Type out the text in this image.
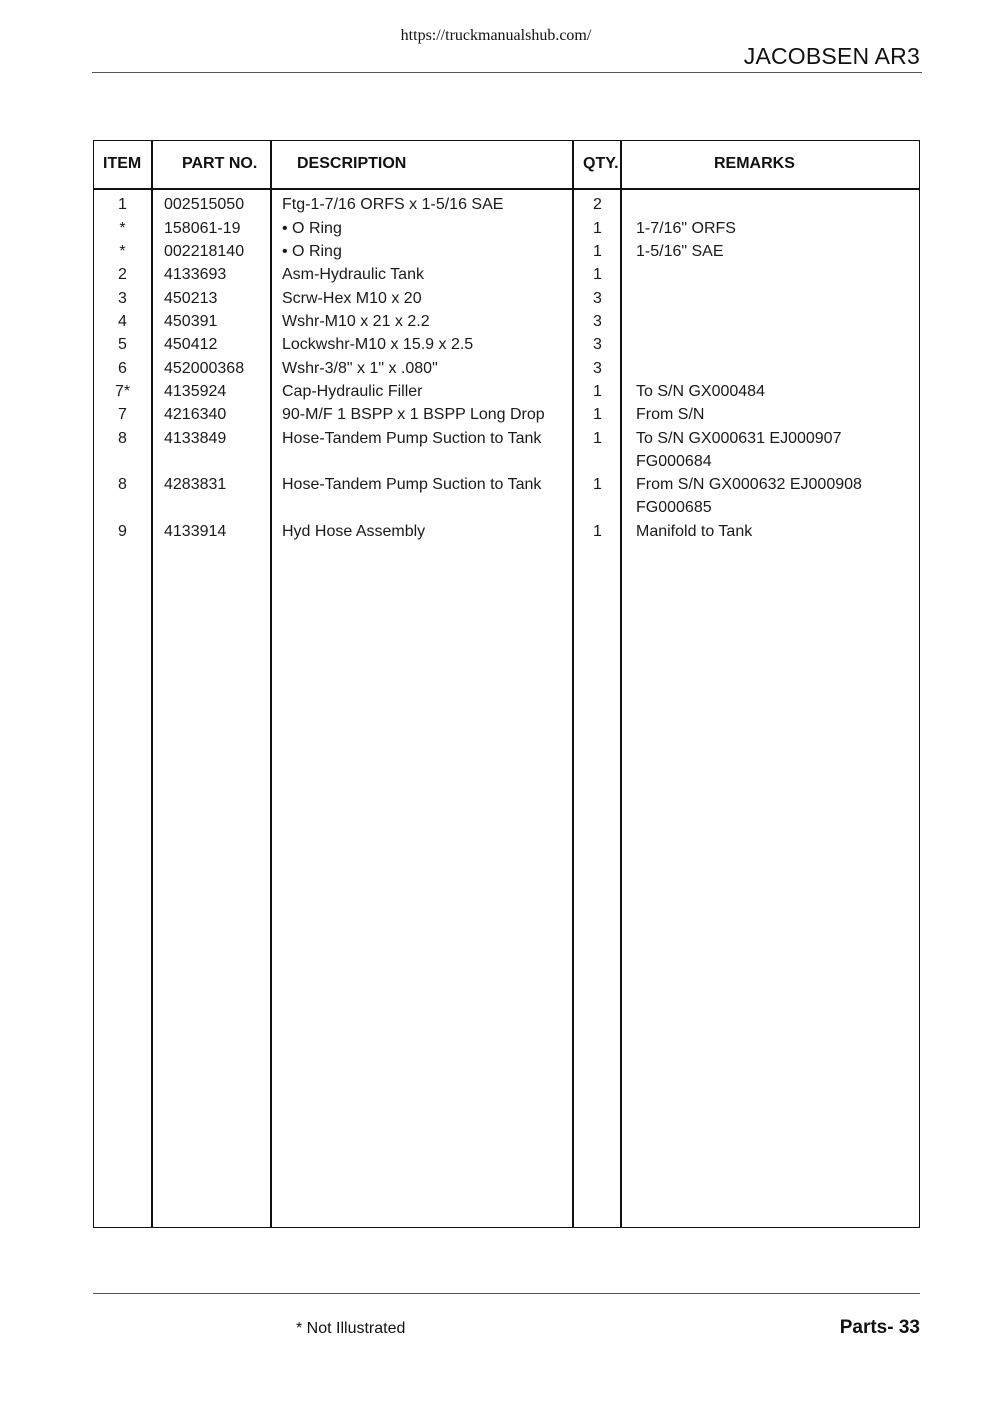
https://truckmanualshub.com/
JACOBSEN AR3
ITEM	PART NO. DESCRIPTION	QTY.	REMARKS
1	002515050 Ftg-1-7/16 ORFS x 1-5/16 SAE	2
*	158061-19	• O Ring	1	1-7/16" ORFS
*	002218140 • O Ring	1	1-5/16" SAE
2	4133693	Asm-Hydraulic Tank	1
3	450213	Scrw-Hex M10 x 20	3
4	450391	Wshr-M10 x 21 x 2.2	3
5	450412	Lockwshr-M10 x 15.9 x 2.5	3
6	452000368 Wshr-3/8" x 1" x .080"	3
7*	4135924	Cap-Hydraulic Filler	1	To S/N GX000484
7	4216340	90-M/F 1 BSPP x 1 BSPP Long Drop	1	From S/N
8	4133849	Hose-Tandem Pump Suction to Tank	1	To S/N GX000631 EJ000907
FG000684
8	4283831	Hose-Tandem Pump Suction to Tank	1	From S/N GX000632 EJ000908
FG000685
9	4133914	Hyd Hose Assembly	1	Manifold to Tank
* Not Illustrated	Parts- 33
